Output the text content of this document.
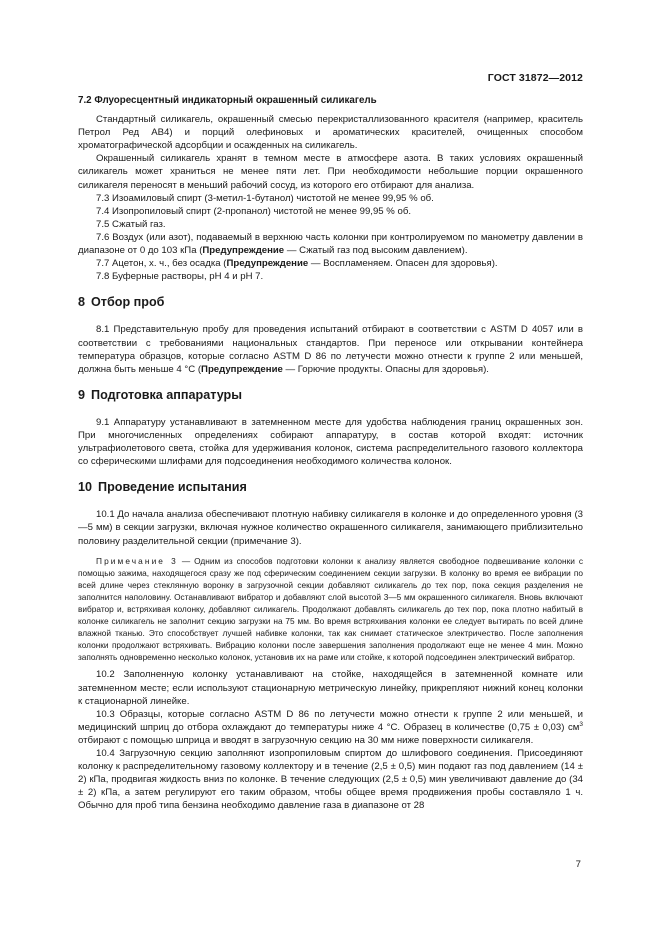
ГОСТ 31872—2012

7.2 Флуоресцентный индикаторный окрашенный силикагель

Стандартный силикагель, окрашенный смесью перекристаллизованного красителя (например, краситель Петрол Ред АВ4) и порций олефиновых и ароматических красителей, очищенных способом хроматографической адсорбции и осажденных на силикагель.

Окрашенный силикагель хранят в темном месте в атмосфере азота. В таких условиях окрашенный силикагель может храниться не менее пяти лет. При необходимости небольшие порции окрашенного силикагеля переносят в меньший рабочий сосуд, из которого его отбирают для анализа.

7.3 Изоамиловый спирт (3-метил-1-бутанол) чистотой не менее 99,95 % об.

7.4 Изопропиловый спирт (2-пропанол) чистотой не менее 99,95 % об.

7.5 Сжатый газ.

7.6 Воздух (или азот), подаваемый в верхнюю часть колонки при контролируемом по манометру давлении в диапазоне от 0 до 103 кПа (Предупреждение — Сжатый газ под высоким давлением).

7.7 Ацетон, х. ч., без осадка (Предупреждение — Воспламеняем. Опасен для здоровья).

7.8 Буферные растворы, pH 4 и pH 7.

8 Отбор проб

8.1 Представительную пробу для проведения испытаний отбирают в соответствии с ASTM D 4057 или в соответствии с требованиями национальных стандартов. При переносе или открывании контейнера температура образцов, которые согласно ASTM D 86 по летучести можно отнести к группе 2 или меньшей, должна быть меньше 4 °С (Предупреждение — Горючие продукты. Опасны для здоровья).

9 Подготовка аппаратуры

9.1 Аппаратуру устанавливают в затемненном месте для удобства наблюдения границ окрашенных зон. При многочисленных определениях собирают аппаратуру, в состав которой входят: источник ультрафиолетового света, стойка для удерживания колонок, система распределительного газового коллектора со сферическими шлифами для подсоединения необходимого количества колонок.

10 Проведение испытания

10.1 До начала анализа обеспечивают плотную набивку силикагеля в колонке и до определенного уровня (3—5 мм) в секции загрузки, включая нужное количество окрашенного силикагеля, занимающего приблизительно половину разделительной секции (примечание 3).

Примечание 3 — Одним из способов подготовки колонки к анализу является свободное подвешивание колонки с помощью зажима, находящегося сразу же под сферическим соединением секции загрузки. В колонку во время ее вибрации по всей длине через стеклянную воронку в загрузочной секции добавляют силикагель до тех пор, пока секция разделения не заполнится наполовину. Останавливают вибратор и добавляют слой высотой 3—5 мм окрашенного силикагеля. Вновь включают вибратор и, встряхивая колонку, добавляют силикагель. Продолжают добавлять силикагель до тех пор, пока плотно набитый в колонке силикагель не заполнит секцию загрузки на 75 мм. Во время встряхивания колонки ее следует вытирать по всей длине влажной тканью. Это способствует лучшей набивке колонки, так как снимает статическое электричество. После заполнения колонки продолжают встряхивать. Вибрацию колонки после завершения заполнения продолжают еще не менее 4 мин. Можно заполнять одновременно несколько колонок, установив их на раме или стойке, к которой подсоединен электрический вибратор.

10.2 Заполненную колонку устанавливают на стойке, находящейся в затемненной комнате или затемненном месте; если используют стационарную метрическую линейку, прикрепляют нижний конец колонки к стационарной линейке.

10.3 Образцы, которые согласно ASTM D 86 по летучести можно отнести к группе 2 или меньшей, и медицинский шприц до отбора охлаждают до температуры ниже 4 °С. Образец в количестве (0,75 ± 0,03) $см^3$ отбирают с помощью шприца и вводят в загрузочную секцию на 30 мм ниже поверхности силикагеля.

10.4 Загрузочную секцию заполняют изопропиловым спиртом до шлифового соединения. Присоединяют колонку к распределительному газовому коллектору и в течение (2,5 ± 0,5) мин подают газ под давлением (14 ± 2) кПа, продвигая жидкость вниз по колонке. В течение следующих (2,5 ± 0,5) мин увеличивают давление до (34 ± 2) кПа, а затем регулируют его таким образом, чтобы общее время продвижения пробы составляло 1 ч. Обычно для проб типа бензина необходимо давление газа в диапазоне от 28

7
